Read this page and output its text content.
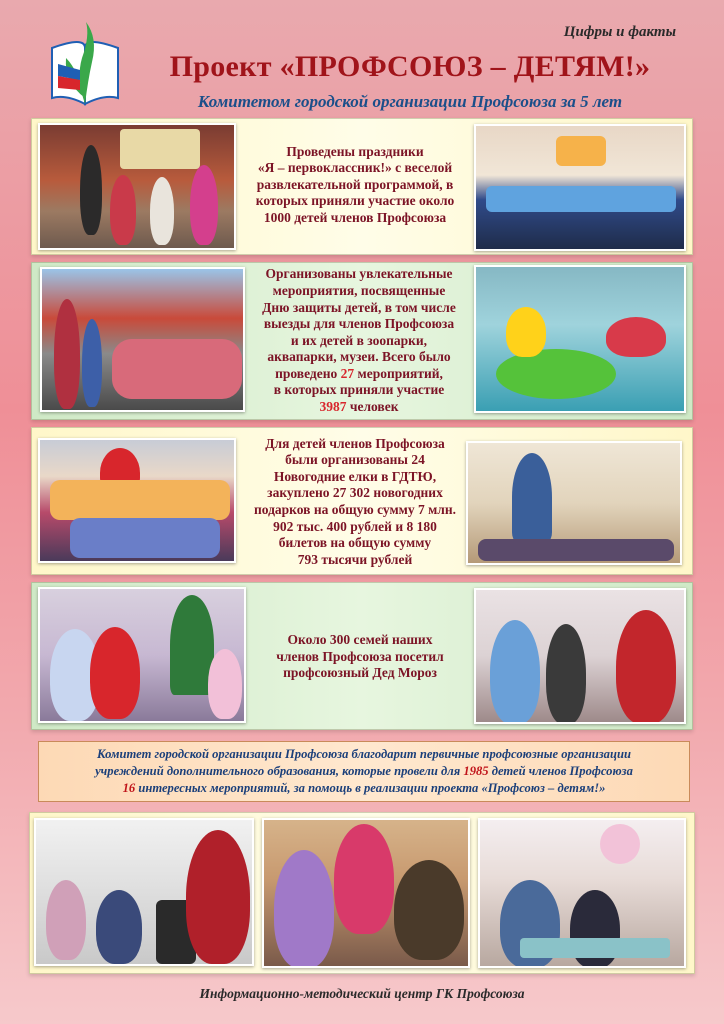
Цифры и факты
Проект «ПРОФСОЮЗ – ДЕТЯМ!»
Комитетом городской организации Профсоюза за 5 лет
Проведены праздники
«Я – первоклассник!» с веселой
развлекательной программой, в
которых приняли участие около
1000 детей членов Профсоюза
Организованы увлекательные
мероприятия, посвященные
Дню защиты детей, в том числе
выезды для членов Профсоюза
и их детей в зоопарки,
аквапарки, музеи. Всего было
проведено 27 мероприятий,
в которых приняли участие
3987 человек
Для детей членов Профсоюза
были организованы 24
Новогодние елки в ГДТЮ,
закуплено 27 302 новогодних
подарков на общую сумму 7 млн.
902 тыс. 400 рублей и 8 180
билетов на общую сумму
793 тысячи рублей
Около 300 семей наших
членов Профсоюза посетил
профсоюзный Дед Мороз
Комитет городской организации Профсоюза благодарит первичные профсоюзные организации
учреждений дополнительного образования, которые провели для 1985 детей членов Профсоюза
16 интересных мероприятий, за помощь в реализации проекта «Профсоюз – детям!»
Информационно-методический центр ГК Профсоюза
